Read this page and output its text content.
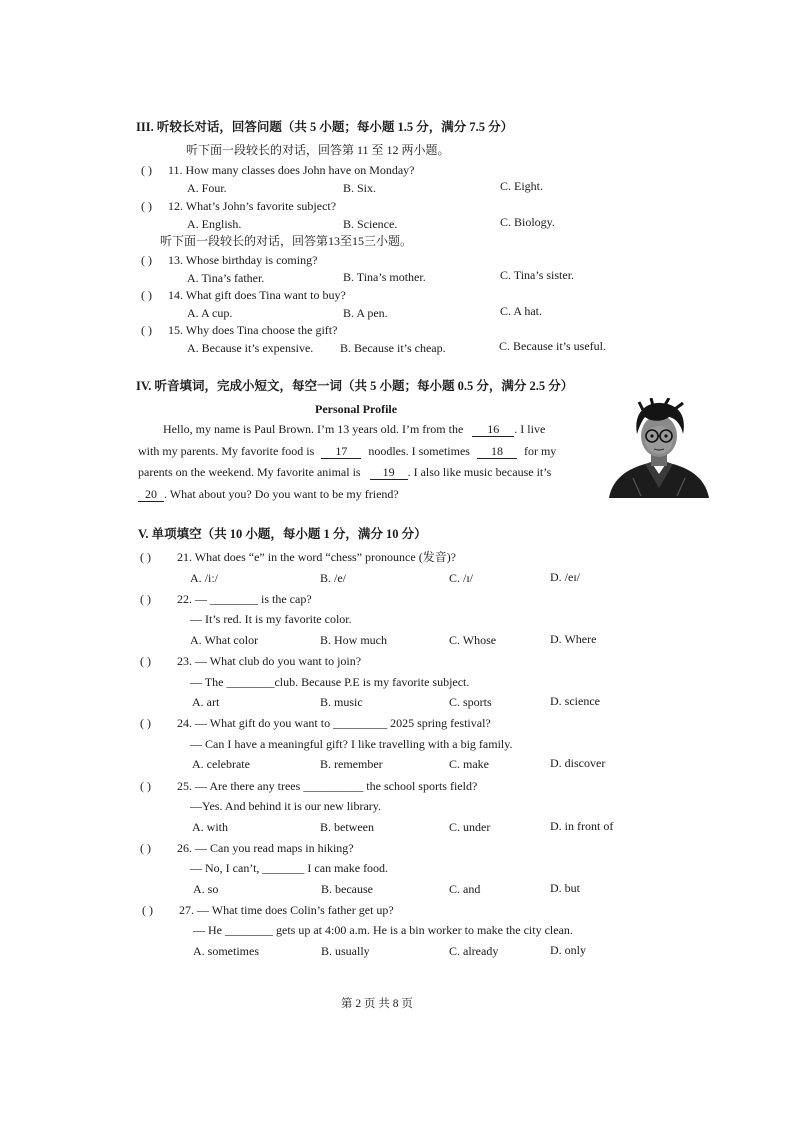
III. 听较长对话，回答问题（共 5 小题；每小题 1.5 分，满分 7.5 分）
听下面一段较长的对话，回答第 11 至 12 两小题。
( ) 11. How many classes does John have on Monday?
A. Four.	B. Six.	C. Eight.
( ) 12. What’s John’s favorite subject?
A. English.	B. Science.	C. Biology.
听下面一段较长的对话，回答第13至15三小题。
( ) 13. Whose birthday is coming?
A. Tina’s father.	B. Tina’s mother.	C. Tina’s sister.
( ) 14. What gift does Tina want to buy?
A. A cup.	B. A pen.	C. A hat.
( ) 15. Why does Tina choose the gift?
A. Because it’s expensive. B. Because it’s cheap.	C. Because it’s useful.
IV. 听音填词，完成小短文，每空一词（共 5 小题；每小题 0.5 分，满分 2.5 分）
Personal Profile
Hello, my name is Paul Brown. I’m 13 years old. I’m from the 16 . I live
with my parents. My favorite food is 17 noodles. I sometimes 18 for my
parents on the weekend. My favorite animal is 19 . I also like music because it’s
20 . What about you? Do you want to be my friend?
V. 单项填空（共 10 小题，每小题 1 分，满分 10 分）
( ) 21. What does “e” in the word “chess” pronounce (发音)?
A. /iː/	B. /e/	C. /ɪ/	D. /eɪ/
( ) 22. — ________ is the cap?
— It’s red. It is my favorite color.
A. What color	B. How much	C. Whose	D. Where
( ) 23. — What club do you want to join?
— The ________club. Because P.E is my favorite subject.
A. art	B. music	C. sports	D. science
( ) 24. — What gift do you want to _________ 2025 spring festival?
— Can I have a meaningful gift? I like travelling with a big family.
A. celebrate	B. remember	C. make	D. discover
( ) 25. — Are there any trees __________ the school sports field?
—Yes. And behind it is our new library.
A. with	B. between	C. under	D. in front of
( ) 26. — Can you read maps in hiking?
— No, I can’t, _______ I can make food.
A. so	B. because	C. and	D. but
( ) 27. — What time does Colin’s father get up?
— He ________ gets up at 4:00 a.m. He is a bin worker to make the city clean.
A. sometimes	B. usually	C. already	D. only
第 2 页 共 8 页
